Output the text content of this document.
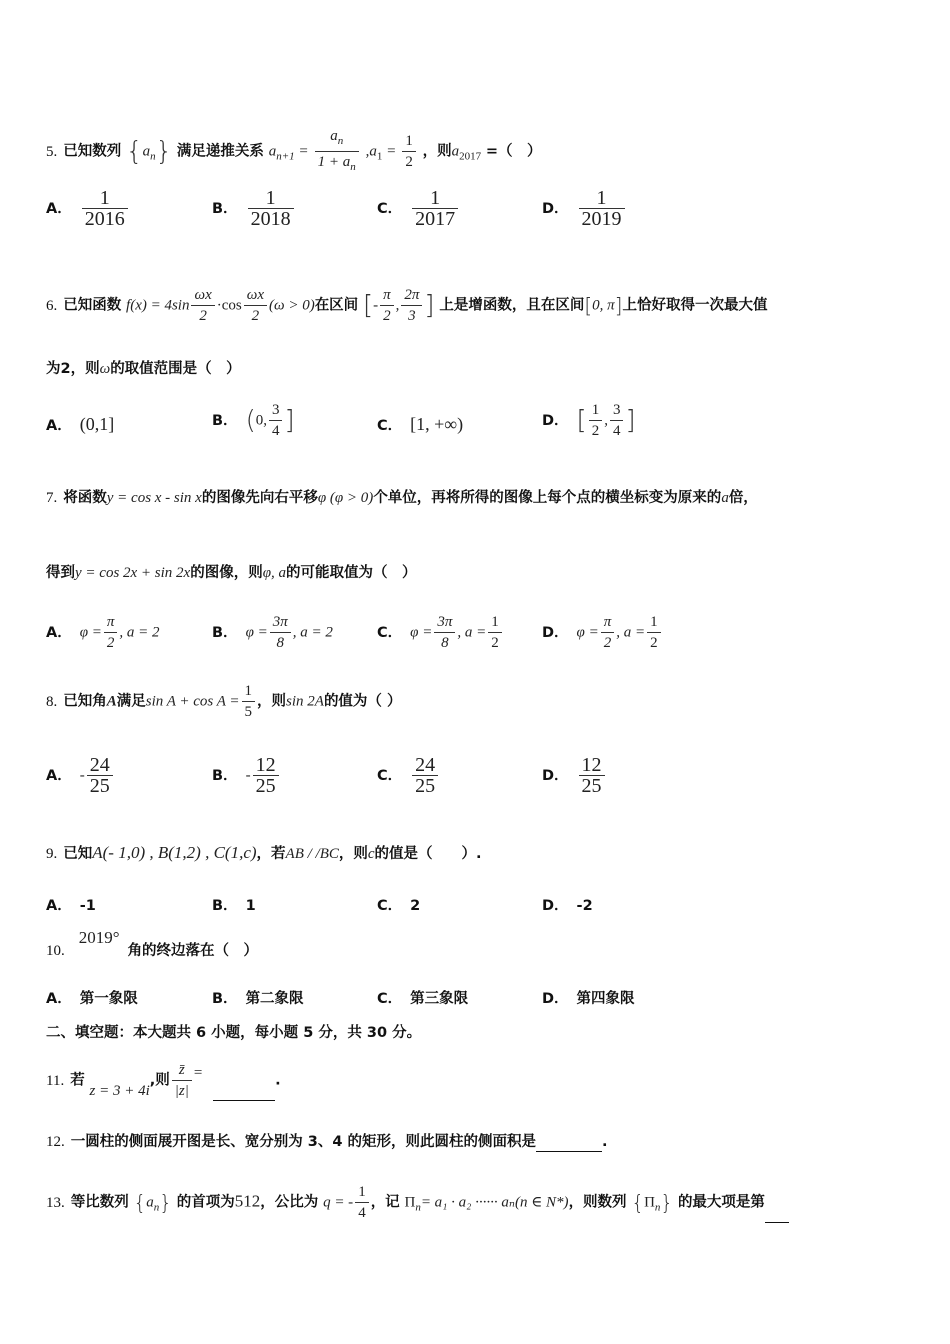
5. 已知数列 $\{a_n\}$ 满足递推关系 $a_{n+1} = \frac{a_n}{1 + a_n} ,a_1 = \frac{1}{2}$ ，则$a_{2017}$ =（　）
A． $\frac{1}{2016}$	B． $\frac{1}{2018}$	C． $\frac{1}{2017}$	D． $\frac{1}{2019}$
6. 已知函数 $f(x) = 4\sin \frac{\omega x}{2} \cdot\cos \frac{\omega x}{2} (\omega > 0)$在区间 [- $\frac{\pi}{2}$ , $\frac{2\pi}{3}$ ] 上是增函数，且在区间[0, π]上恰好取得一次最大值
为2，则ω的取值范围是（　）
A． (0,1]	B． (0, $\frac{3}{4}$ ]	C． [1, +∞)	D． [ $\frac{1}{2}$ , $\frac{3}{4}$ ]
7. 将函数y = cos x - sin x的图像先向右平移φ (φ > 0)个单位，再将所得的图像上每个点的横坐标变为原来的a倍，
得到y = cos 2x + sin 2x的图像，则φ, a的可能取值为（　）
A． $\varphi = \frac{\pi}{2}$ , a = 2	B． $\varphi = \frac{3\pi}{8}$ , a = 2	C． $\varphi = \frac{3\pi}{8}$ , $a = \frac{1}{2}$	D． $\varphi = \frac{\pi}{2}$ , $a = \frac{1}{2}$
8. 已知角A满足$\sin A + \cos A = \frac{1}{5}$ ，则sin 2A的值为（ ）
A． - $\frac{24}{25}$	B． - $\frac{12}{25}$	C． $\frac{24}{25}$	D． $\frac{12}{25}$
9. 已知A(- 1,0) , B(1,2) , C(1,c)，若AB / /BC，则c的值是（　　）.
A． -1	B． 1	C． 2	D． -2
10.2019°角的终边落在（　）
A． 第一象限	B． 第二象限	C． 第三象限	D． 第四象限
二、填空题：本大题共 6 小题，每小题 5 分，共 30 分。
11. 若 z = 3 + 4i,则 $\frac{z̄}{|z|}$ =	.
12. 一圆柱的侧面展开图是长、宽分别为 3、4 的矩形，则此圆柱的侧面积是	.
13. 等比数列 $\{a_n\}$ 的首项为512，公比为 q = - $\frac{1}{4}$ ，记 $\Pi_n= a_1 \cdot a_2$ ······ aₙ(n ∈ N*)，则数列 $\{\Pi_n\}$ 的最大项是第
